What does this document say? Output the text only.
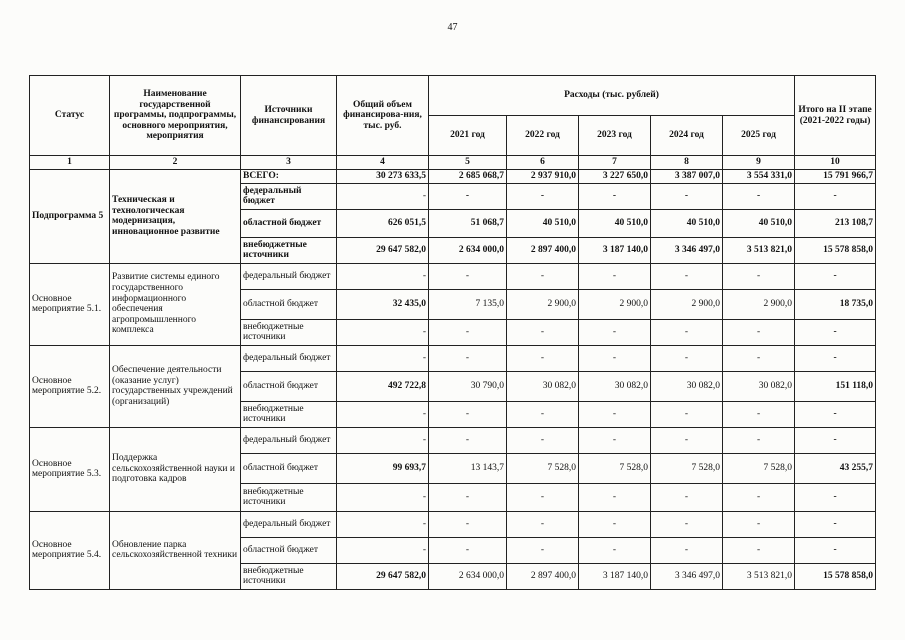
47
Статус	Наименование государственной программы, подпрограммы, основного мероприятия, мероприятия	Источники финансирования	Общий объем финансирова-ния, тыс. руб.	Расходы (тыс. рублей)					Итого на II этапе (2021-2022 годы)
				2021 год	2022 год	2023 год	2024 год	2025 год	
1	2	3	4	5	6	7	8	9	10
Подпрограмма 5	Техническая и технологическая модернизация, инновационное развитие	ВСЕГО:	30 273 633,5	2 685 068,7	2 937 910,0	3 227 650,0	3 387 007,0	3 554 331,0	15 791 966,7
		федеральный бюджет	-	-	-	-	-	-	-
		областной бюджет	626 051,5	51 068,7	40 510,0	40 510,0	40 510,0	40 510,0	213 108,7
		внебюджетные источники	29 647 582,0	2 634 000,0	2 897 400,0	3 187 140,0	3 346 497,0	3 513 821,0	15 578 858,0
Основное мероприятие 5.1.	Развитие системы единого государственного информационного обеспечения агропромышленного комплекса	федеральный бюджет	-	-	-	-	-	-	-
		областной бюджет	32 435,0	7 135,0	2 900,0	2 900,0	2 900,0	2 900,0	18 735,0
		внебюджетные источники	-	-	-	-	-	-	-
Основное мероприятие 5.2.	Обеспечение деятельности (оказание услуг) государственных учреждений (организаций)	федеральный бюджет	-	-	-	-	-	-	-
		областной бюджет	492 722,8	30 790,0	30 082,0	30 082,0	30 082,0	30 082,0	151 118,0
		внебюджетные источники	-	-	-	-	-	-	-
Основное мероприятие 5.3.	Поддержка сельскохозяйственной науки и подготовка кадров	федеральный бюджет	-	-	-	-	-	-	-
		областной бюджет	99 693,7	13 143,7	7 528,0	7 528,0	7 528,0	7 528,0	43 255,7
		внебюджетные источники	-	-	-	-	-	-	-
Основное мероприятие 5.4.	Обновление парка сельскохозяйственной техники	федеральный бюджет	-	-	-	-	-	-	-
		областной бюджет	-	-	-	-	-	-	-
		внебюджетные источники	29 647 582,0	2 634 000,0	2 897 400,0	3 187 140,0	3 346 497,0	3 513 821,0	15 578 858,0
